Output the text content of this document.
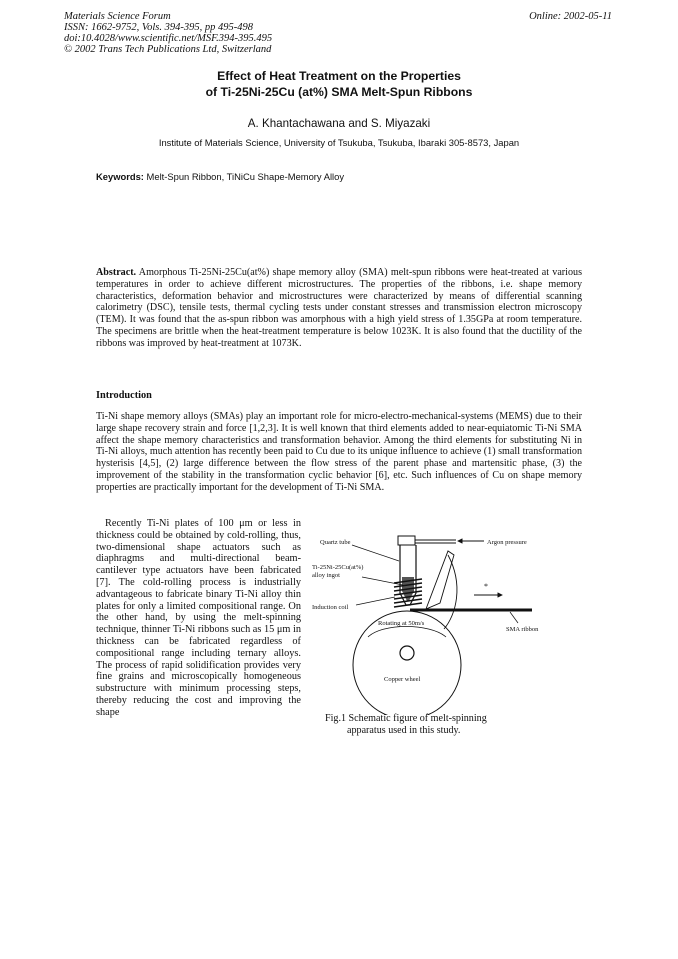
Materials Science Forum
ISSN: 1662-9752, Vols. 394-395, pp 495-498
doi:10.4028/www.scientific.net/MSF.394-395.495
© 2002 Trans Tech Publications Ltd, Switzerland
Online: 2002-05-11
Effect of Heat Treatment on the Properties
of Ti-25Ni-25Cu (at%) SMA Melt-Spun Ribbons
A. Khantachawana and S. Miyazaki
Institute of Materials Science, University of Tsukuba, Tsukuba, Ibaraki 305-8573, Japan
Keywords: Melt-Spun Ribbon, TiNiCu Shape-Memory Alloy
Abstract. Amorphous Ti-25Ni-25Cu(at%) shape memory alloy (SMA) melt-spun ribbons were heat-treated at various temperatures in order to achieve different microstructures. The properties of the ribbons, i.e. shape memory characteristics, deformation behavior and microstructures were characterized by means of differential scanning calorimetry (DSC), tensile tests, thermal cycling tests under constant stresses and transmission electron microscopy (TEM). It was found that the as-spun ribbon was amorphous with a high yield stress of 1.35GPa at room temperature. The specimens are brittle when the heat-treatment temperature is below 1023K. It is also found that the ductility of the ribbons was improved by heat-treatment at 1073K.
Introduction
Ti-Ni shape memory alloys (SMAs) play an important role for micro-electro-mechanical-systems (MEMS) due to their large shape recovery strain and force [1,2,3]. It is well known that third elements added to near-equiatomic Ti-Ni SMA affect the shape memory characteristics and transformation behavior. Among the third elements for substituting Ni in Ti-Ni alloys, much attention has recently been paid to Cu due to its unique influence to achieve (1) small transformation hysterisis [4,5], (2) large difference between the flow stress of the parent phase and martensitic phase, (3) the improvement of the stability in the transformation cyclic behavior [6], etc. Such influences of Cu on shape memory properties are practically important for the development of Ti-Ni SMA.
Recently Ti-Ni plates of 100 μm or less in thickness could be obtained by cold-rolling, thus, two-dimensional shape actuators such as diaphragms and multi-directional beam-cantilever type actuators have been fabricated [7]. The cold-rolling process is industrially advantageous to fabricate binary Ti-Ni alloy thin plates for only a limited compositional range. On the other hand, by using the melt-spinning technique, thinner Ti-Ni ribbons such as 15 μm in thickness can be fabricated regardless of compositional range including ternary alloys. The process of rapid solidification provides very fine grains and microscopically homogeneous substructure with minimum processing steps, thereby reducing the cost and improving the shape
*
Quartz tube	Argon pressure
Ti-25Ni-25Cu(at%)
alloy ingot
Induction coil
Rotating at 50m/s
SMA ribbon
Copper wheel
Fig.1 Schematic figure of melt-spinning
apparatus used in this study.
